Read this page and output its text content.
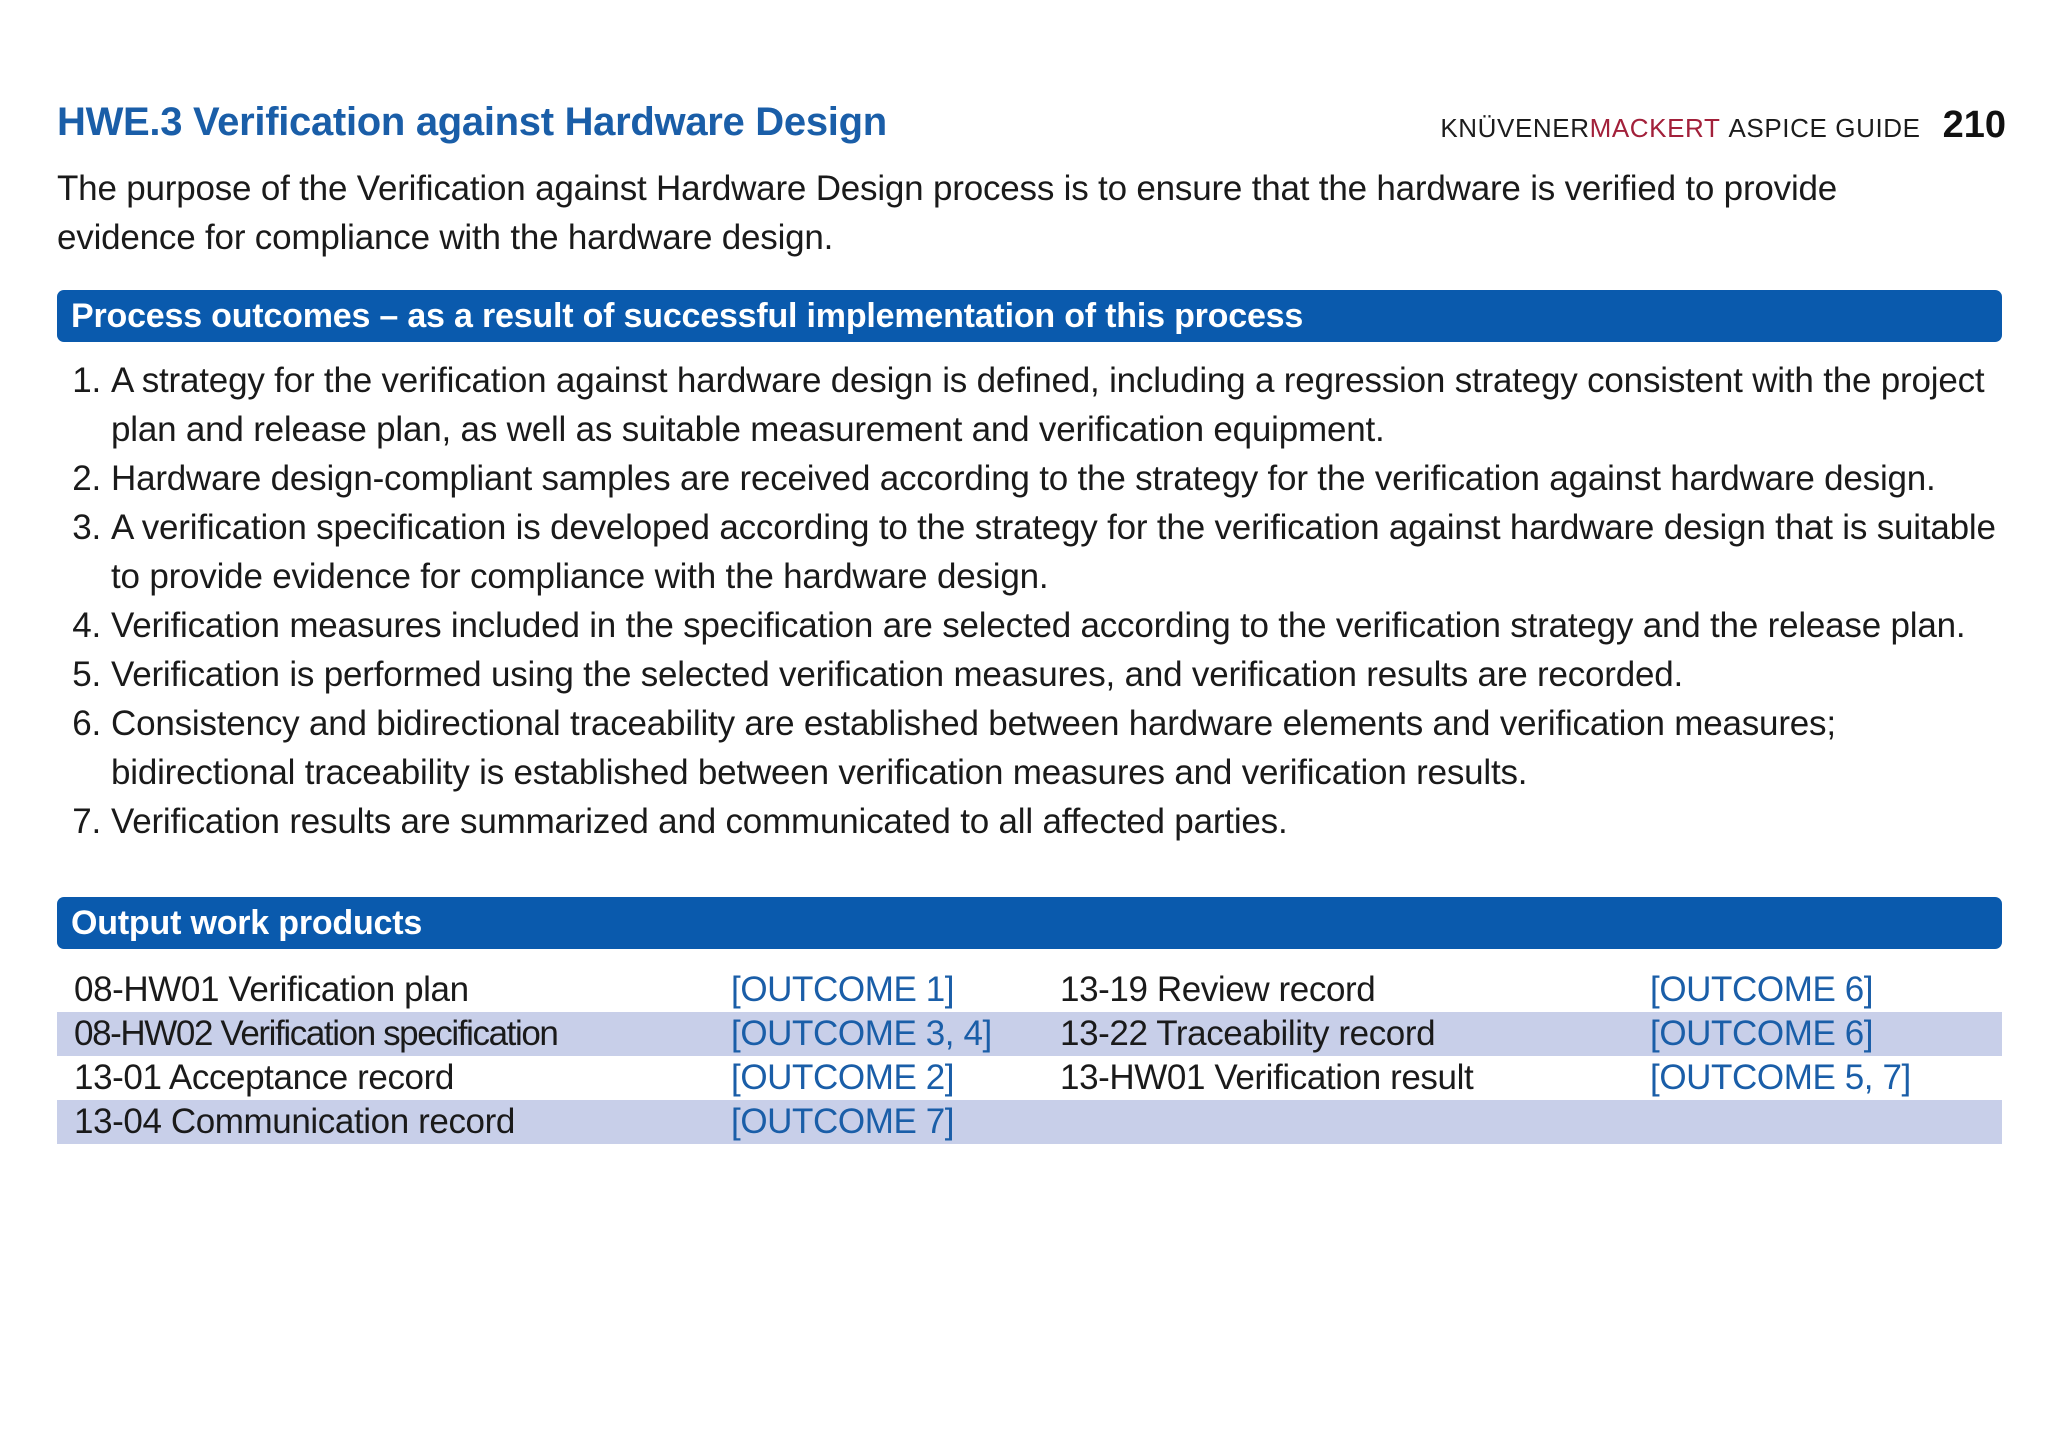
HWE.3 Verification against Hardware Design	KNÜVENERMACKERT ASPICE GUIDE 210
The purpose of the Verification against Hardware Design process is to ensure that the hardware is verified to provide evidence for compliance with the hardware design.
Process outcomes – as a result of successful implementation of this process
1. A strategy for the verification against hardware design is defined, including a regression strategy consistent with the project plan and release plan, as well as suitable measurement and verification equipment.
2. Hardware design-compliant samples are received according to the strategy for the verification against hardware design.
3. A verification specification is developed according to the strategy for the verification against hardware design that is suitable to provide evidence for compliance with the hardware design.
4. Verification measures included in the specification are selected according to the verification strategy and the release plan.
5. Verification is performed using the selected verification measures, and verification results are recorded.
6. Consistency and bidirectional traceability are established between hardware elements and verification measures; bidirectional traceability is established between verification measures and verification results.
7. Verification results are summarized and communicated to all affected parties.
Output work products
08-HW01 Verification plan	[OUTCOME 1]	13-19 Review record	[OUTCOME 6]
08-HW02 Verification specification	[OUTCOME 3, 4]	13-22 Traceability record	[OUTCOME 6]
13-01 Acceptance record	[OUTCOME 2]	13-HW01 Verification result	[OUTCOME 5, 7]
13-04 Communication record	[OUTCOME 7]		
